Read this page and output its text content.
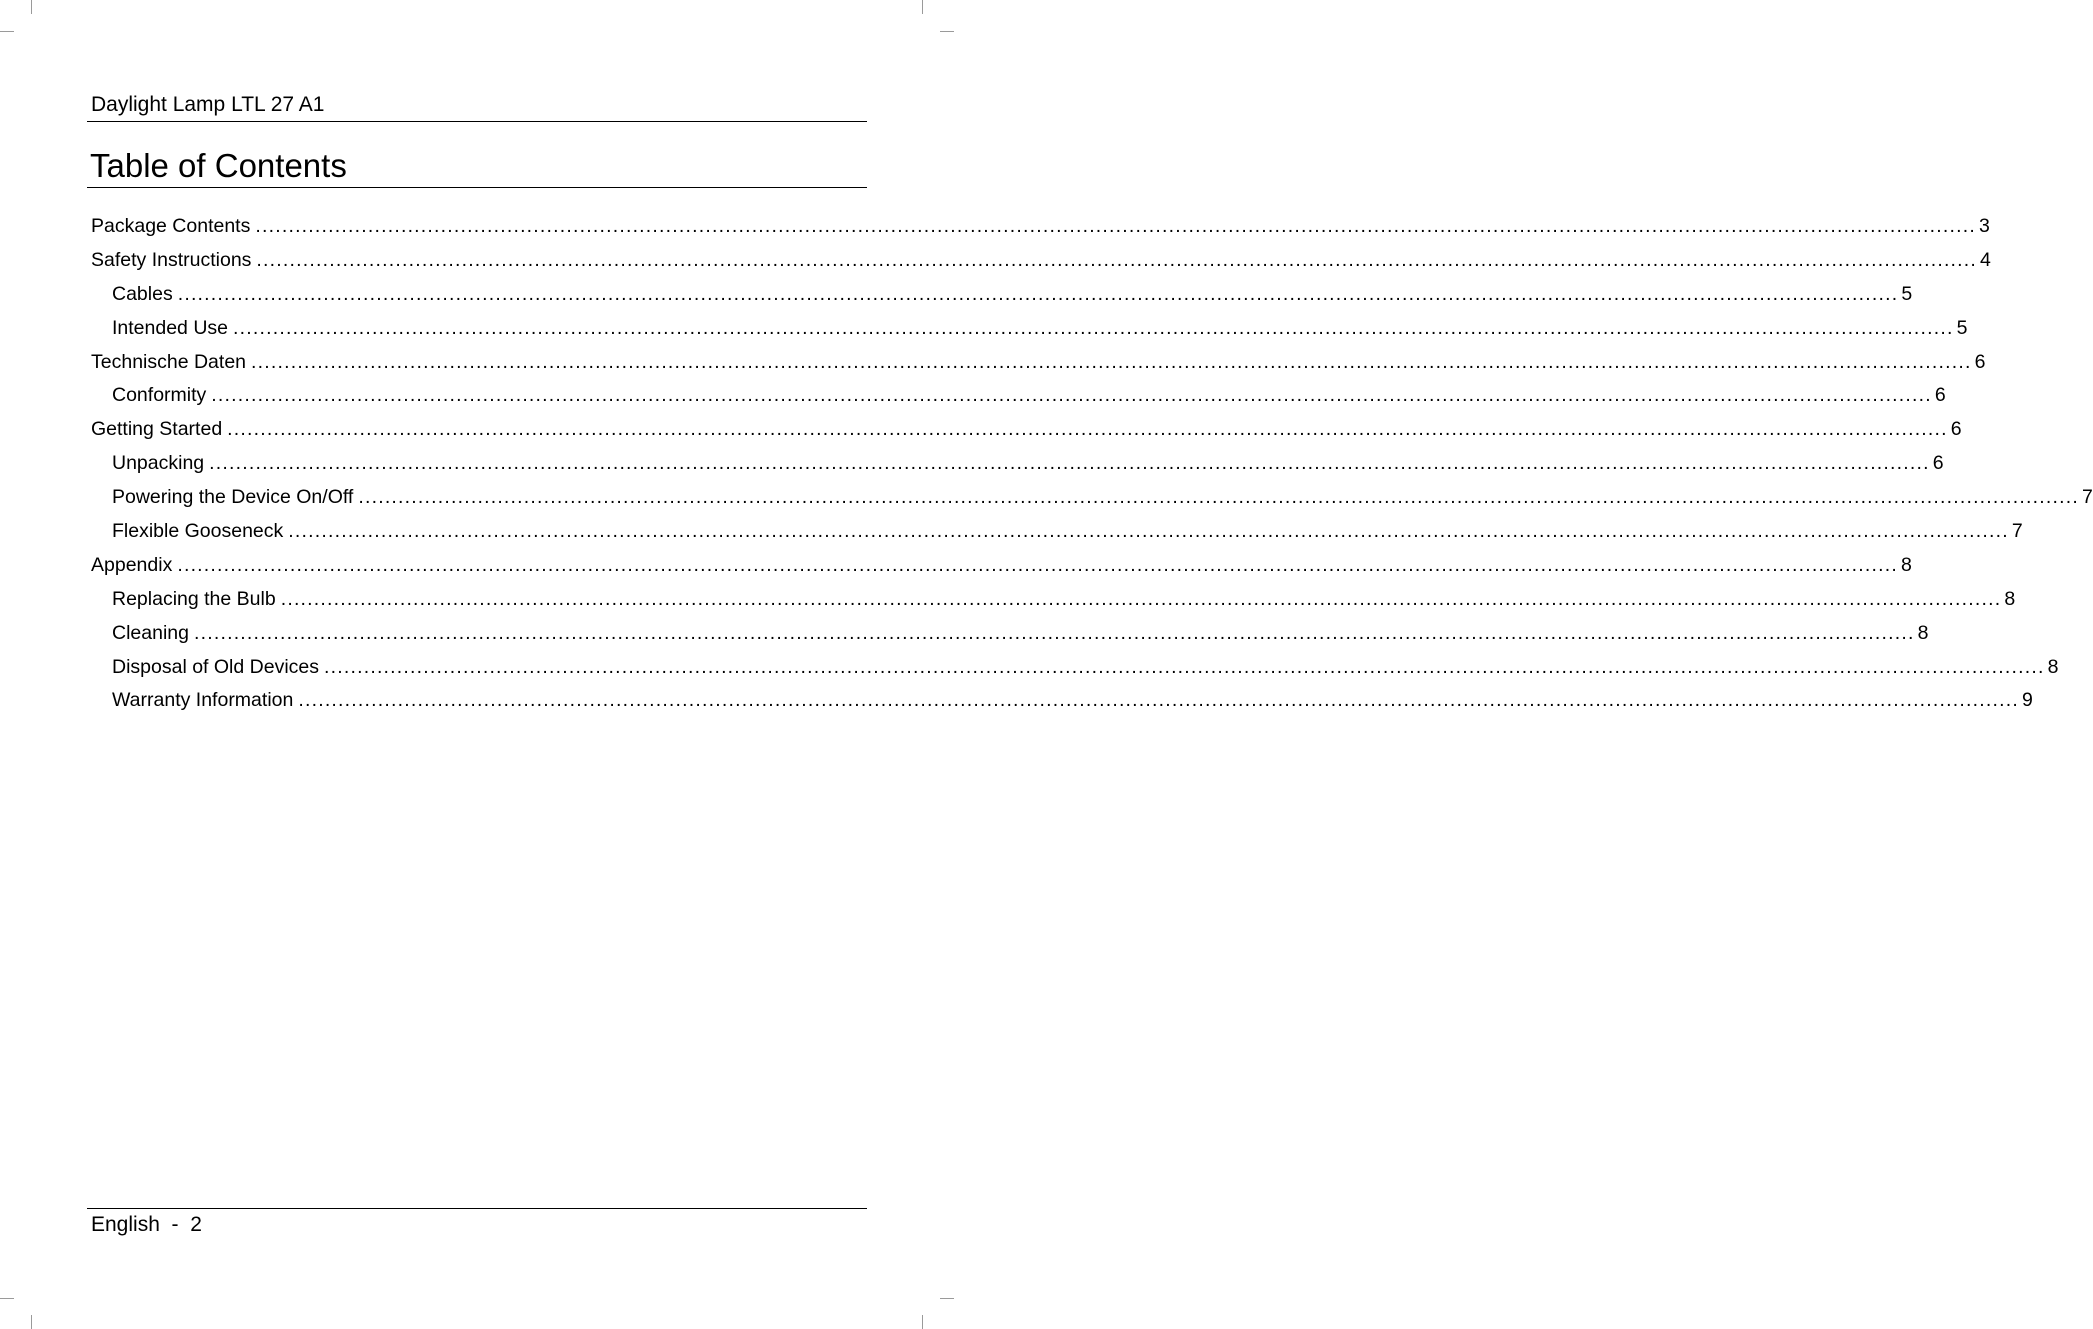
Daylight Lamp LTL 27 A1
Table of Contents
Package Contents .................................................................................................................................................................................................................................................................... 3
Safety Instructions .................................................................................................................................................................................................................................................................... 4
Cables .................................................................................................................................................................................................................................................................... 5
Intended Use .................................................................................................................................................................................................................................................................... 5
Technische Daten .................................................................................................................................................................................................................................................................... 6
Conformity .................................................................................................................................................................................................................................................................... 6
Getting Started .................................................................................................................................................................................................................................................................... 6
Unpacking .................................................................................................................................................................................................................................................................... 6
Powering the Device On/Off .................................................................................................................................................................................................................................................................... 7
Flexible Gooseneck .................................................................................................................................................................................................................................................................... 7
Appendix .................................................................................................................................................................................................................................................................... 8
Replacing the Bulb .................................................................................................................................................................................................................................................................... 8
Cleaning .................................................................................................................................................................................................................................................................... 8
Disposal of Old Devices .................................................................................................................................................................................................................................................................... 8
Warranty Information .................................................................................................................................................................................................................................................................... 9
English  -  2
